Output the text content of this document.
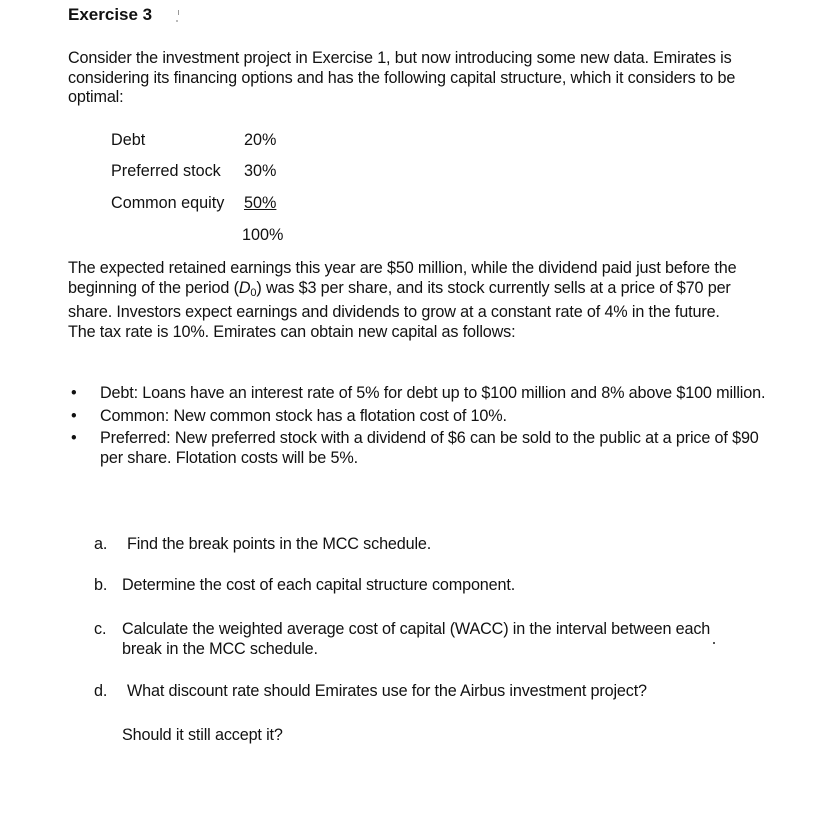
Exercise 3
Consider the investment project in Exercise 1, but now introducing some new data. Emirates is considering its financing options and has the following capital structure, which it considers to be optimal:
Debt	20%
Preferred stock 30%
Common equity 50%
100%
The expected retained earnings this year are $50 million, while the dividend paid just before the beginning of the period $(D_0)$ was $3 per share, and its stock currently sells at a price of $70 per share. Investors expect earnings and dividends to grow at a constant rate of 4% in the future. The tax rate is 10%. Emirates can obtain new capital as follows:
• Debt: Loans have an interest rate of 5% for debt up to $100 million and 8% above $100 million.
• Common: New common stock has a flotation cost of 10%.
• Preferred: New preferred stock with a dividend of $6 can be sold to the public at a price of $90 per share. Flotation costs will be 5%.
a.	Find the break points in the MCC schedule.
b. Determine the cost of each capital structure component.
c. Calculate the weighted average cost of capital (WACC) in the interval between each break in the MCC schedule.
d.	What discount rate should Emirates use for the Airbus investment project?
Should it still accept it?
